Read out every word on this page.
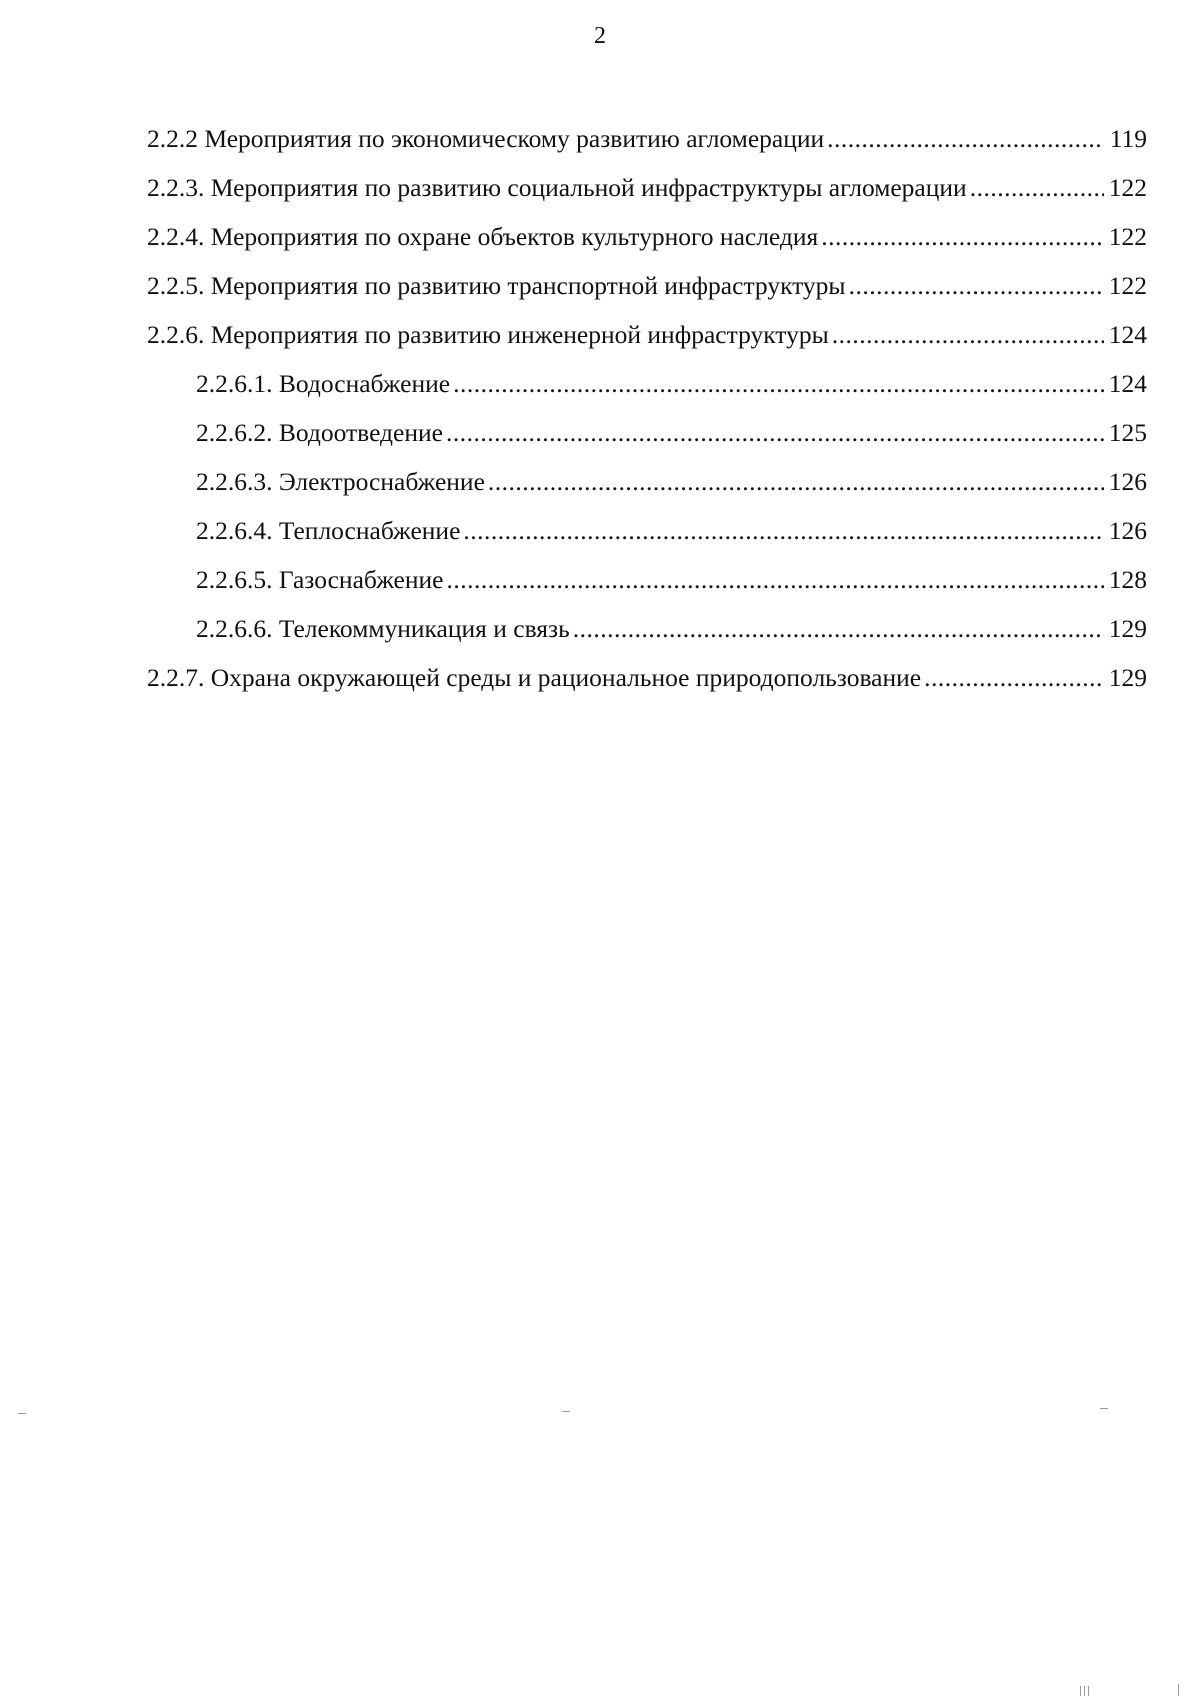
2
2.2.2 Мероприятия по экономическому развитию агломерации .....	119
2.2.3. Мероприятия по развитию социальной инфраструктуры агломерации .....	122
2.2.4. Мероприятия по охране объектов культурного наследия .....	122
2.2.5. Мероприятия по развитию транспортной инфраструктуры .....	122
2.2.6. Мероприятия по развитию инженерной инфраструктуры .....	124
2.2.6.1. Водоснабжение .....	124
2.2.6.2. Водоотведение .....	125
2.2.6.3. Электроснабжение .....	126
2.2.6.4. Теплоснабжение .....	126
2.2.6.5. Газоснабжение .....	128
2.2.6.6. Телекоммуникация и связь .....	129
2.2.7. Охрана окружающей среды и рациональное природопользование .....	129
